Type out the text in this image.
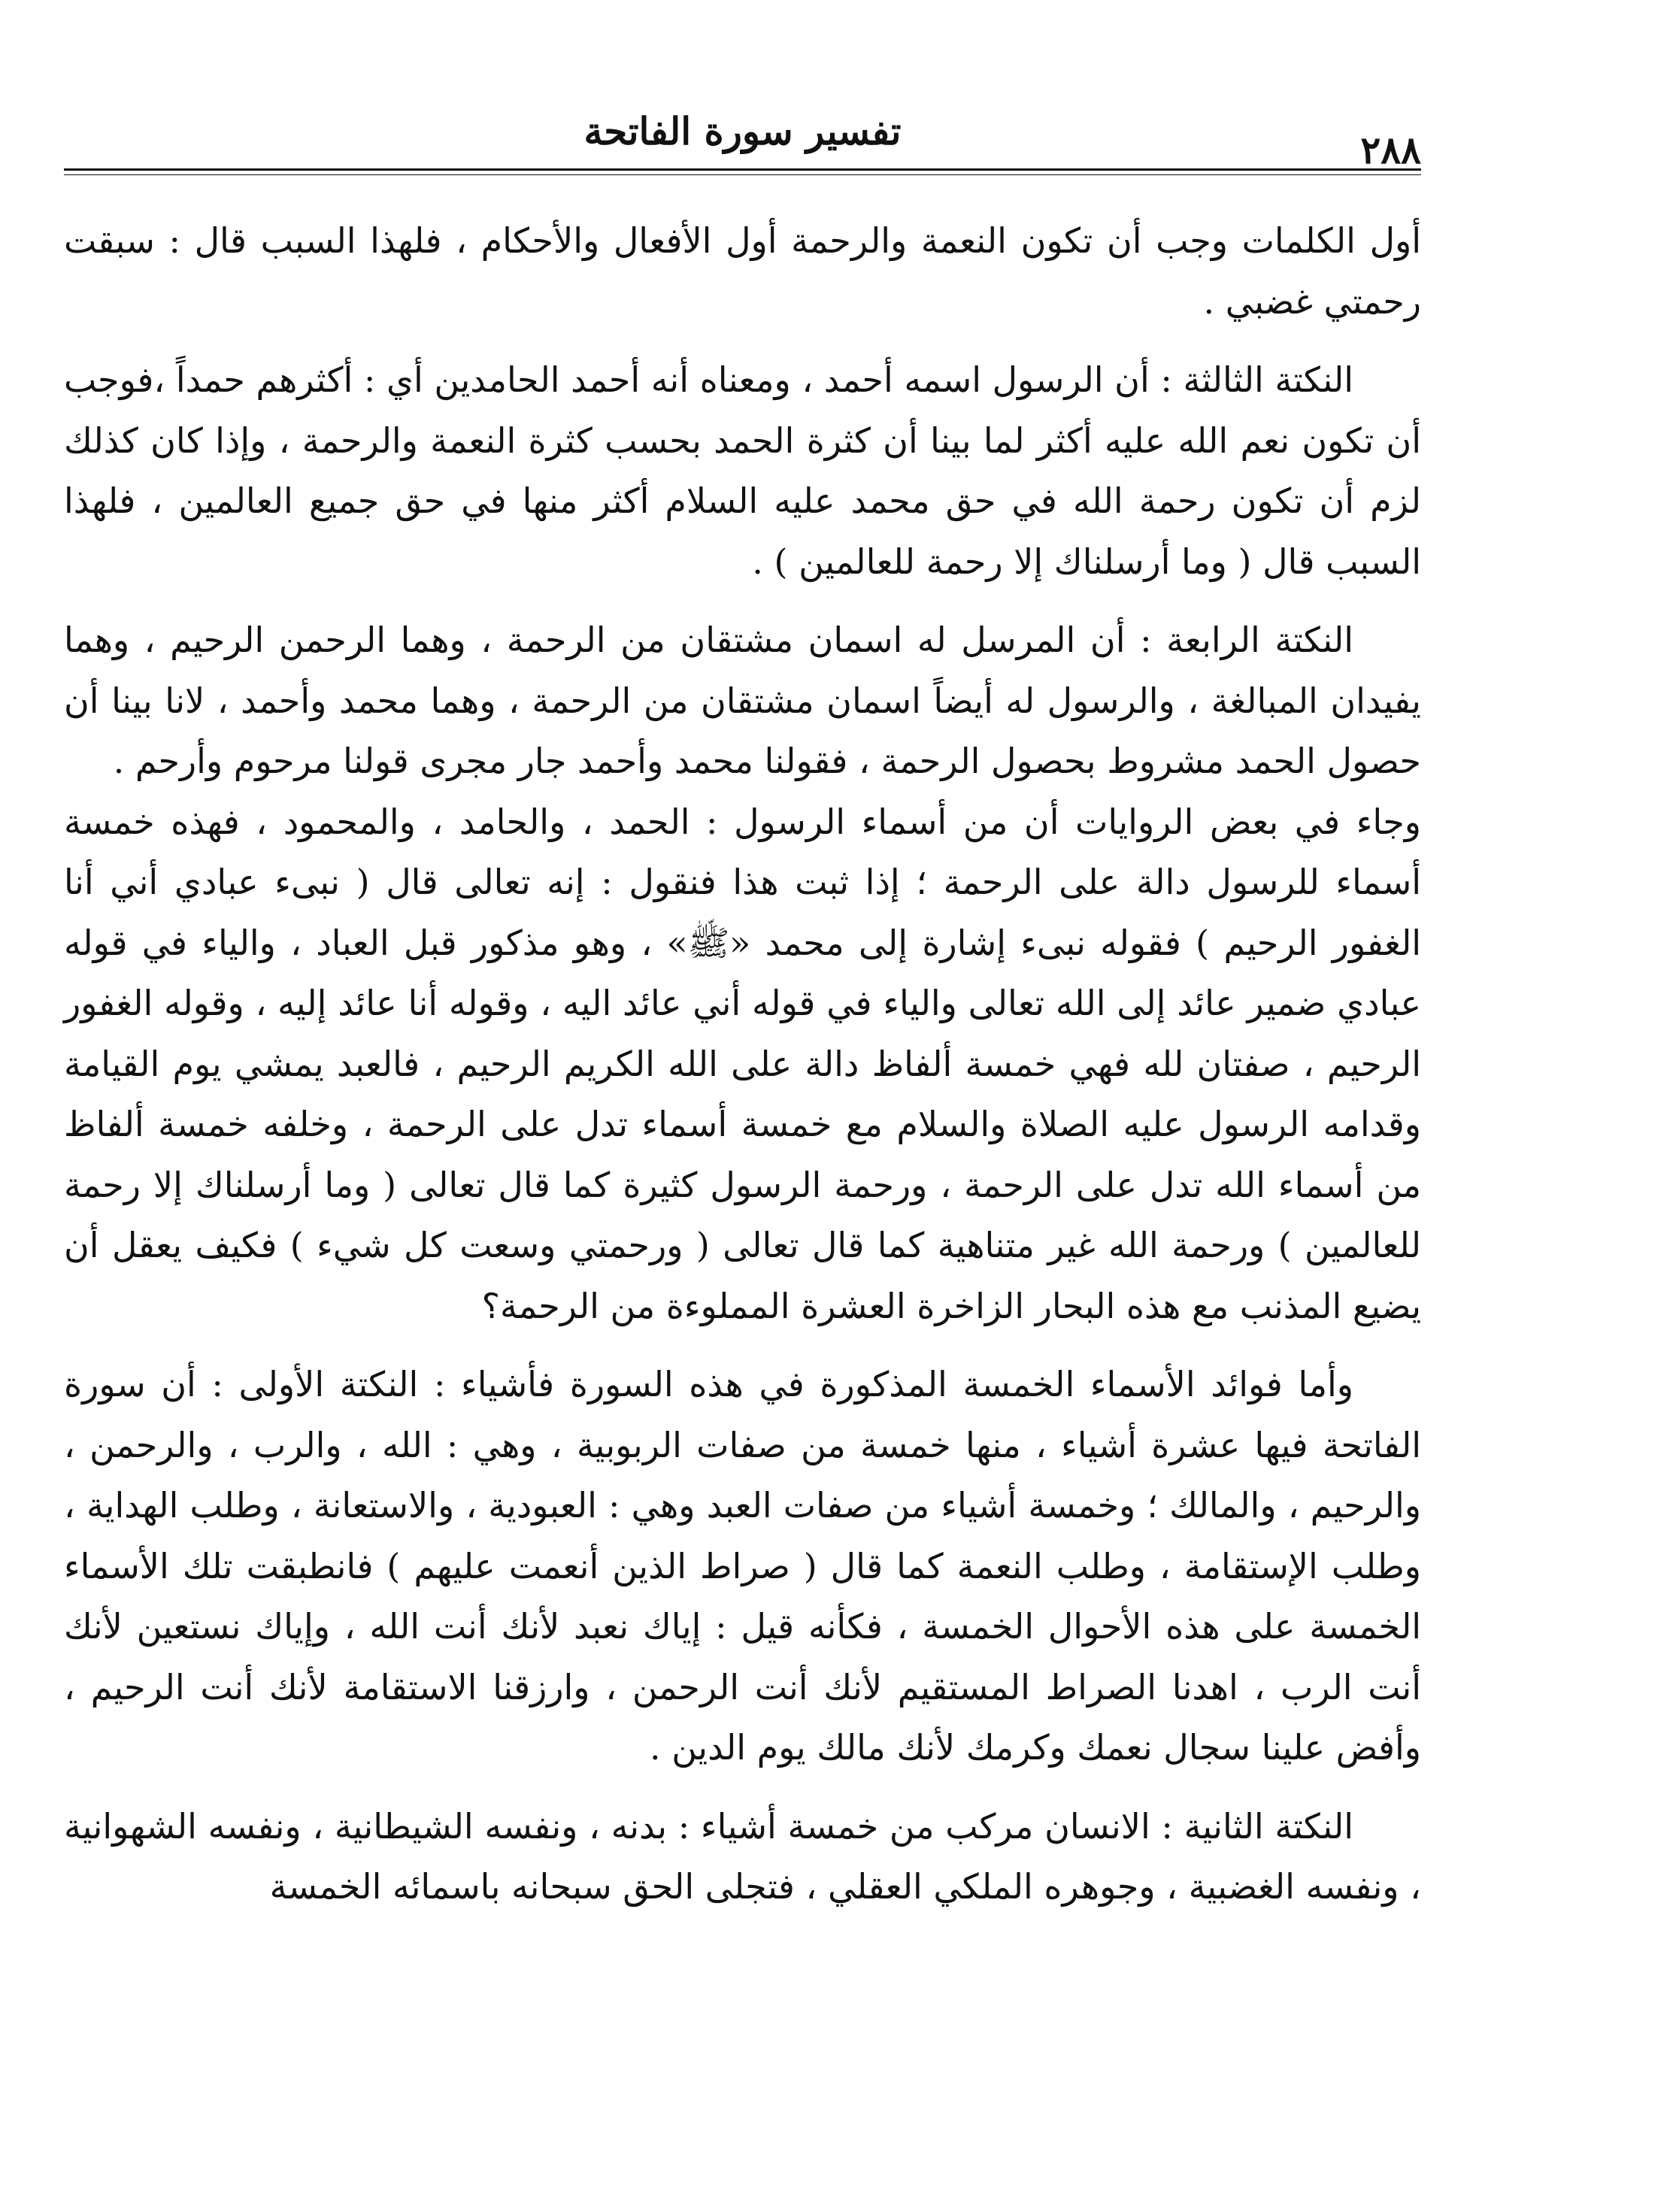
٢٨٨
تفسير سورة الفاتحة

أول الكلمات وجب أن تكون النعمة والرحمة أول الأفعال والأحكام ، فلهذا السبب قال : سبقت رحمتي غضبي .

النكتة الثالثة : أن الرسول اسمه أحمد ، ومعناه أنه أحمد الحامدين أي : أكثرهم حمداً ،فوجب أن تكون نعم الله عليه أكثر لما بينا أن كثرة الحمد بحسب كثرة النعمة والرحمة ، وإذا كان كذلك لزم أن تكون رحمة الله في حق محمد عليه السلام أكثر منها في حق جميع العالمين ، فلهذا السبب قال ( وما أرسلناك إلا رحمة للعالمين ) .

النكتة الرابعة : أن المرسل له اسمان مشتقان من الرحمة ، وهما الرحمن الرحيم ، وهما يفيدان المبالغة ، والرسول له أيضاً اسمان مشتقان من الرحمة ، وهما محمد وأحمد ، لانا بينا أن حصول الحمد مشروط بحصول الرحمة ، فقولنا محمد وأحمد جار مجرى قولنا مرحوم وأرحم .

وجاء في بعض الروايات أن من أسماء الرسول : الحمد ، والحامد ، والمحمود ، فهذه خمسة أسماء للرسول دالة على الرحمة ؛ إذا ثبت هذا فنقول : إنه تعالى قال ( نبىء عبادي أني أنا الغفور الرحيم ) فقوله نبىء إشارة إلى محمد «ﷺ» ، وهو مذكور قبل العباد ، والياء في قوله عبادي ضمير عائد إلى الله تعالى والياء في قوله أني عائد اليه ، وقوله أنا عائد إليه ، وقوله الغفور الرحيم ، صفتان لله فهي خمسة ألفاظ دالة على الله الكريم الرحيم ، فالعبد يمشي يوم القيامة وقدامه الرسول عليه الصلاة والسلام مع خمسة أسماء تدل على الرحمة ، وخلفه خمسة ألفاظ من أسماء الله تدل على الرحمة ، ورحمة الرسول كثيرة كما قال تعالى ( وما أرسلناك إلا رحمة للعالمين ) ورحمة الله غير متناهية كما قال تعالى ( ورحمتي وسعت كل شيء ) فكيف يعقل أن يضيع المذنب مع هذه البحار الزاخرة العشرة المملوءة من الرحمة؟

وأما فوائد الأسماء الخمسة المذكورة في هذه السورة فأشياء : النكتة الأولى : أن سورة الفاتحة فيها عشرة أشياء ، منها خمسة من صفات الربوبية ، وهي : الله ، والرب ، والرحمن ، والرحيم ، والمالك ؛ وخمسة أشياء من صفات العبد وهي : العبودية ، والاستعانة ، وطلب الهداية ، وطلب الإستقامة ، وطلب النعمة كما قال ( صراط الذين أنعمت عليهم ) فانطبقت تلك الأسماء الخمسة على هذه الأحوال الخمسة ، فكأنه قيل : إياك نعبد لأنك أنت الله ، وإياك نستعين لأنك أنت الرب ، اهدنا الصراط المستقيم لأنك أنت الرحمن ، وارزقنا الاستقامة لأنك أنت الرحيم ، وأفض علينا سجال نعمك وكرمك لأنك مالك يوم الدين .

النكتة الثانية : الانسان مركب من خمسة أشياء : بدنه ، ونفسه الشيطانية ، ونفسه الشهوانية ، ونفسه الغضبية ، وجوهره الملكي العقلي ، فتجلى الحق سبحانه باسمائه الخمسة
